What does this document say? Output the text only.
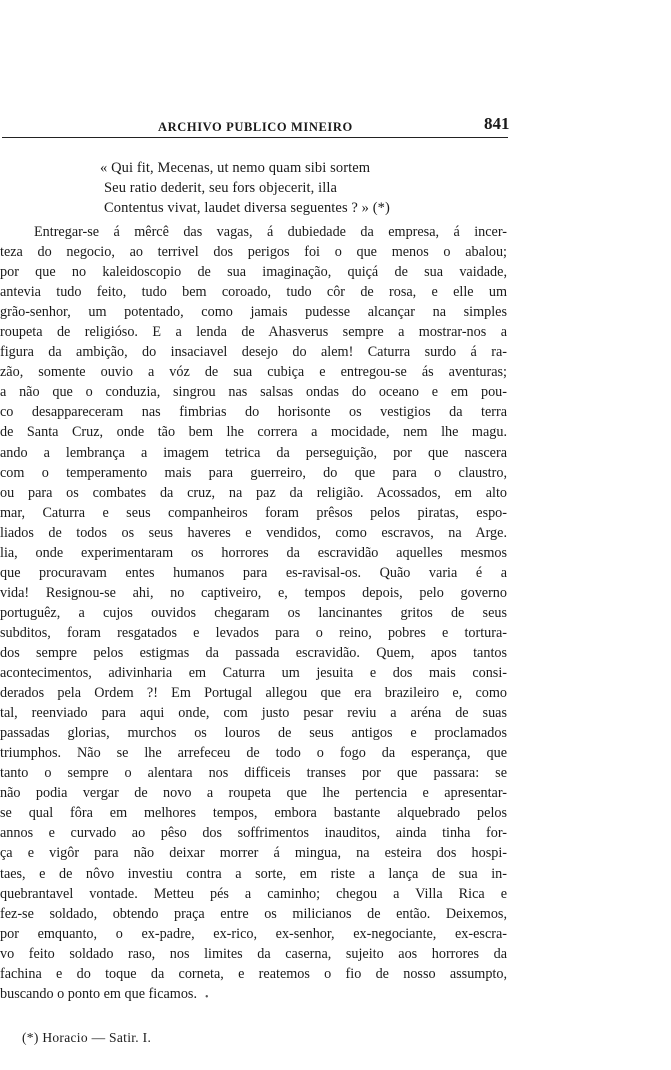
ARCHIVO PUBLICO MINEIRO	841
« Qui fit, Mecenas, ut nemo quam sibi sortem
Seu ratio dederit, seu fors objecerit, illa
Contentus vivat, laudet diversa seguentes ? » (*)
Entregar-se á mêrcê das vagas, á dubiedade da empresa, á incer-
teza do negocio, ao terrivel dos perigos foi o que menos o abalou;
por que no kaleidoscopio de sua imaginação, quiçá de sua vaidade,
antevia tudo feito, tudo bem coroado, tudo côr de rosa, e elle um
grão-senhor, um potentado, como jamais pudesse alcançar na simples
roupeta de religióso. E a lenda de Ahasverus sempre a mostrar-nos a
figura da ambição, do insaciavel desejo do alem! Caturra surdo á ra-
zão, somente ouvio a vóz de sua cubiça e entregou-se ás aventuras;
a não que o conduzia, singrou nas salsas ondas do oceano e em pou-
co desappareceram nas fimbrias do horisonte os vestigios da terra
de Santa Cruz, onde tão bem lhe correra a mocidade, nem lhe magu.
ando a lembrança a imagem tetrica da perseguição, por que nascera
com o temperamento mais para guerreiro, do que para o claustro,
ou para os combates da cruz, na paz da religião. Acossados, em alto
mar, Caturra e seus companheiros foram prêsos pelos piratas, espo-
liados de todos os seus haveres e vendidos, como escravos, na Arge.
lia, onde experimentaram os horrores da escravidão aquelles mesmos
que procuravam entes humanos para es-ravisal-os. Quão varia é a
vida! Resignou-se ahi, no captiveiro, e, tempos depois, pelo governo
portuguêz, a cujos ouvidos chegaram os lancinantes gritos de seus
subditos, foram resgatados e levados para o reino, pobres e tortura-
dos sempre pelos estigmas da passada escravidão. Quem, apos tantos
acontecimentos, adivinharia em Caturra um jesuita e dos mais consi-
derados pela Ordem ?! Em Portugal allegou que era brazileiro e, como
tal, reenviado para aqui onde, com justo pesar reviu a aréna de suas
passadas glorias, murchos os louros de seus antigos e proclamados
triumphos. Não se lhe arrefeceu de todo o fogo da esperança, que
tanto o sempre o alentara nos difficeis transes por que passara: se
não podia vergar de novo a roupeta que lhe pertencia e apresentar-
se qual fôra em melhores tempos, embora bastante alquebrado pelos
annos e curvado ao pêso dos soffrimentos inauditos, ainda tinha for-
ça e vigôr para não deixar morrer á mingua, na esteira dos hospi-
taes, e de nôvo investiu contra a sorte, em riste a lança de sua in-
quebrantavel vontade. Metteu pés a caminho; chegou a Villa Rica e
fez-se soldado, obtendo praça entre os milicianos de então. Deixemos,
por emquanto, o ex-padre, ex-rico, ex-senhor, ex-negociante, ex-escra-
vo feito soldado raso, nos limites da caserna, sujeito aos horrores da
fachina e do toque da corneta, e reatemos o fio de nosso assumpto,
buscando o ponto em que ficamos. •
(*) Horacio — Satir. I.
